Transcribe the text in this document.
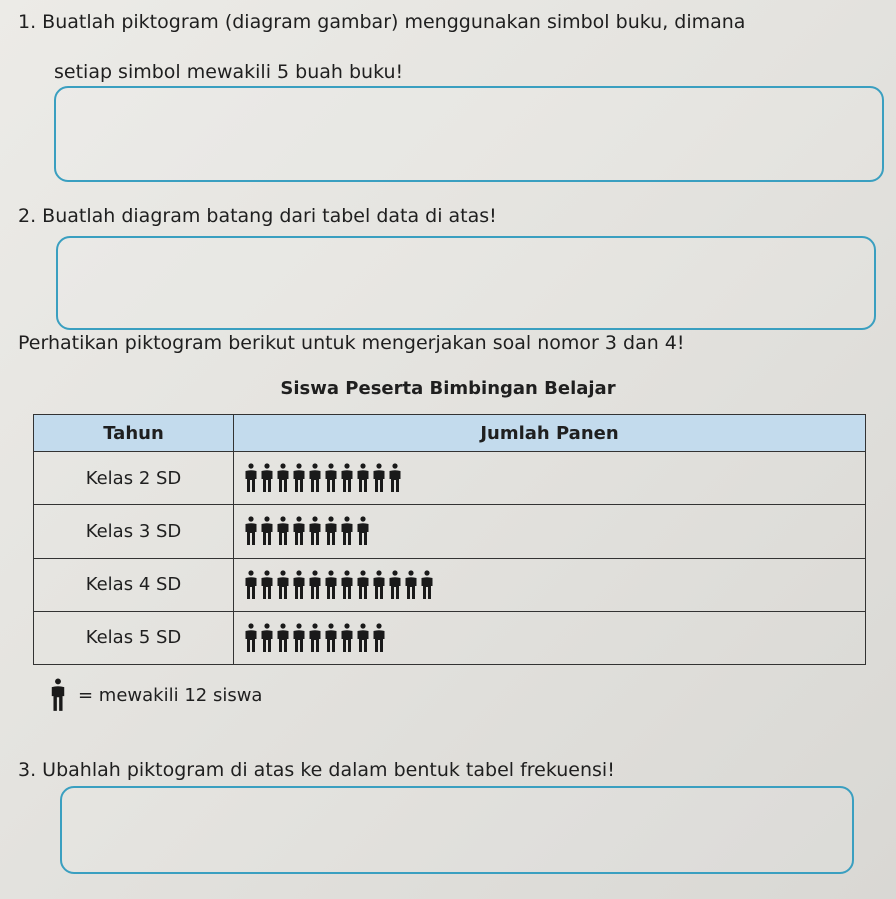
1. Buatlah piktogram (diagram gambar) menggunakan simbol buku, dimana
setiap simbol mewakili 5 buah buku!
2. Buatlah diagram batang dari tabel data di atas!
Perhatikan piktogram berikut untuk mengerjakan soal nomor 3 dan 4!
Siswa Peserta Bimbingan Belajar
Tahun	Jumlah Panen
Kelas 2 SD	

Kelas 3 SD	

Kelas 4 SD	

Kelas 5 SD	
= mewakili 12 siswa
3. Ubahlah piktogram di atas ke dalam bentuk tabel frekuensi!
